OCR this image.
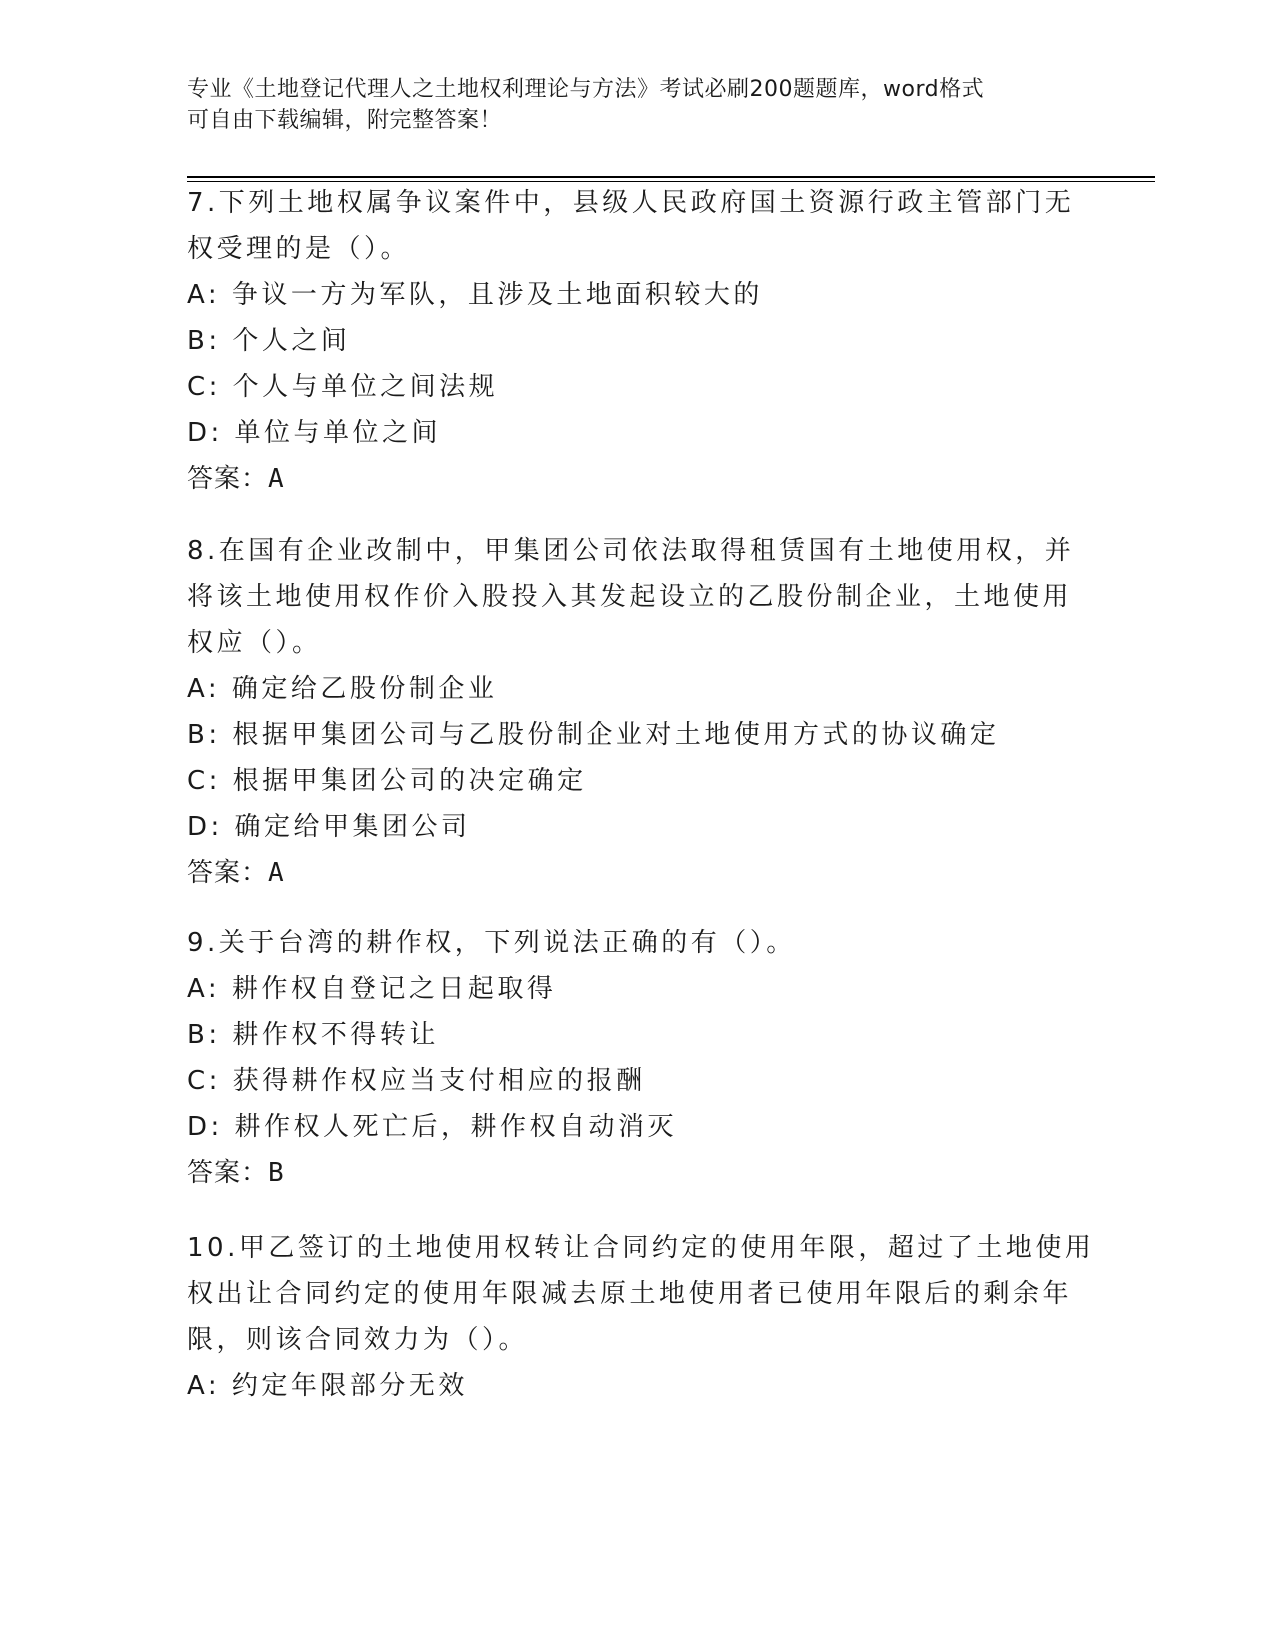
专业《土地登记代理人之土地权利理论与方法》考试必刷200题题库，word格式
可自由下载编辑，附完整答案！
7.下列土地权属争议案件中，县级人民政府国土资源行政主管部门无
权受理的是（）。
A: 争议一方为军队，且涉及土地面积较大的
B: 个人之间
C: 个人与单位之间法规
D: 单位与单位之间
答案：A
8.在国有企业改制中，甲集团公司依法取得租赁国有土地使用权，并
将该土地使用权作价入股投入其发起设立的乙股份制企业，土地使用
权应（）。
A: 确定给乙股份制企业
B: 根据甲集团公司与乙股份制企业对土地使用方式的协议确定
C: 根据甲集团公司的决定确定
D: 确定给甲集团公司
答案：A
9.关于台湾的耕作权，下列说法正确的有（）。
A: 耕作权自登记之日起取得
B: 耕作权不得转让
C: 获得耕作权应当支付相应的报酬
D: 耕作权人死亡后，耕作权自动消灭
答案：B
10.甲乙签订的土地使用权转让合同约定的使用年限，超过了土地使用
权出让合同约定的使用年限减去原土地使用者已使用年限后的剩余年
限，则该合同效力为（）。
A: 约定年限部分无效
